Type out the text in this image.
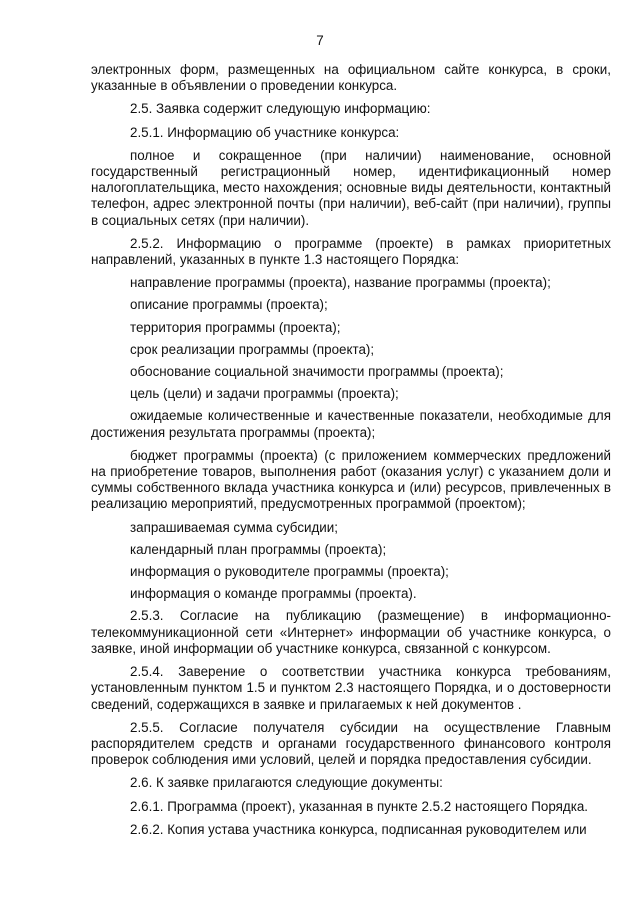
7

электронных форм, размещенных на официальном сайте конкурса, в сроки, указанные в объявлении о проведении конкурса.

2.5. Заявка содержит следующую информацию:

2.5.1. Информацию об участнике конкурса:

полное и сокращенное (при наличии) наименование, основной государственный регистрационный номер, идентификационный номер налогоплательщика, место нахождения; основные виды деятельности, контактный телефон, адрес электронной почты (при наличии), веб-сайт (при наличии), группы в социальных сетях (при наличии).

2.5.2. Информацию о программе (проекте) в рамках приоритетных направлений, указанных в пункте 1.3 настоящего Порядка:

направление программы (проекта), название программы (проекта);

описание программы (проекта);

территория программы (проекта);

срок реализации программы (проекта);

обоснование социальной значимости программы (проекта);

цель (цели) и задачи программы (проекта);

ожидаемые количественные и качественные показатели, необходимые для достижения результата программы (проекта);

бюджет программы (проекта) (с приложением коммерческих предложений на приобретение товаров, выполнения работ (оказания услуг) с указанием доли и суммы собственного вклада участника конкурса и (или) ресурсов, привлеченных в реализацию мероприятий, предусмотренных программой (проектом);

запрашиваемая сумма субсидии;

календарный план программы (проекта);

информация о руководителе программы (проекта);

информация о команде программы (проекта).

2.5.3. Согласие на публикацию (размещение) в информационно-телекоммуникационной сети «Интернет» информации об участнике конкурса, о заявке, иной информации об участнике конкурса, связанной с конкурсом.

2.5.4. Заверение о соответствии участника конкурса требованиям, установленным пунктом 1.5 и пунктом 2.3 настоящего Порядка, и о достоверности сведений, содержащихся в заявке и прилагаемых к ней документов .

2.5.5. Согласие получателя субсидии на осуществление Главным распорядителем средств и органами государственного финансового контроля проверок соблюдения ими условий, целей и порядка предоставления субсидии.

2.6. К заявке прилагаются следующие документы:

2.6.1. Программа (проект), указанная в пункте 2.5.2 настоящего Порядка.

2.6.2. Копия устава участника конкурса, подписанная руководителем или
